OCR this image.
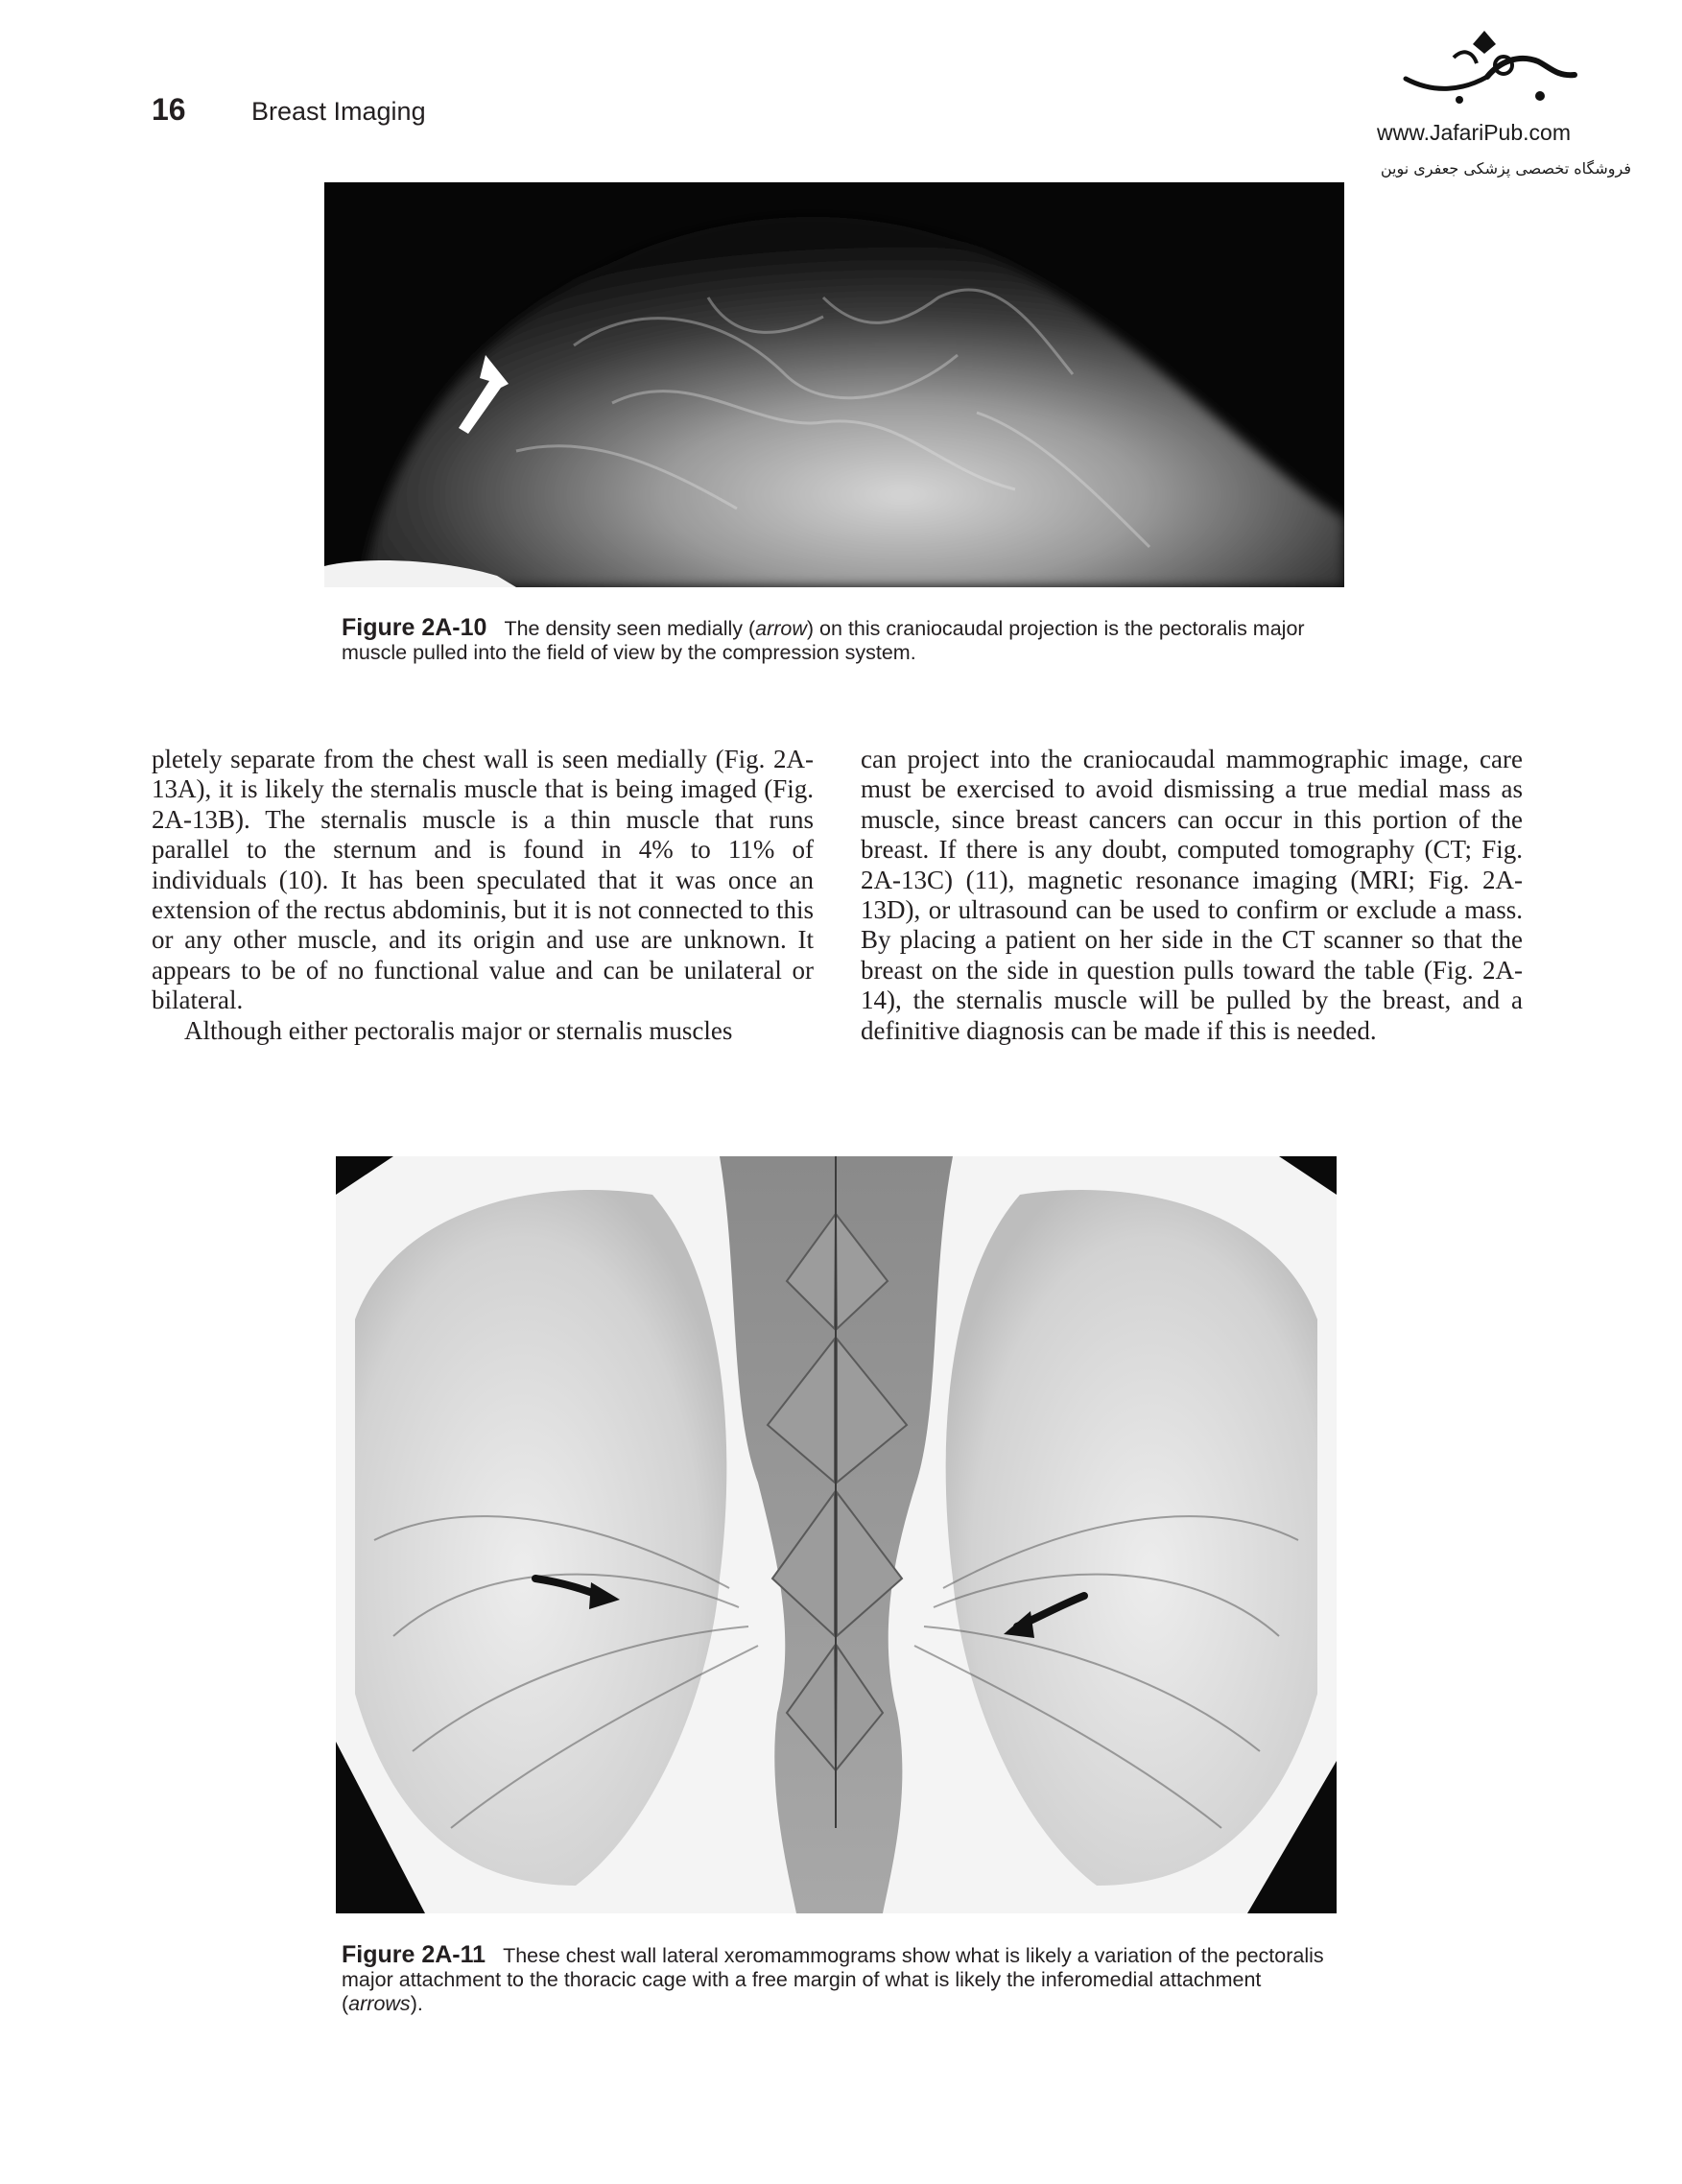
16	Breast Imaging
www.JafariPub.com
فروشگاه تخصصی پزشکی جعفری نوین
Figure 2A-10 The density seen medially (arrow) on this craniocaudal projection is the pectoralis major muscle pulled into the field of view by the compression system.

pletely separate from the chest wall is seen medially (Fig. 2A-13A), it is likely the sternalis muscle that is being imaged (Fig. 2A-13B). The sternalis muscle is a thin muscle that runs parallel to the sternum and is found in 4% to 11% of individuals (10). It has been speculated that it was once an extension of the rectus abdominis, but it is not connected to this or any other muscle, and its origin and use are unknown. It appears to be of no functional value and can be unilateral or bilateral.

Although either pectoralis major or sternalis muscles

can project into the craniocaudal mammographic image, care must be exercised to avoid dismissing a true medial mass as muscle, since breast cancers can occur in this portion of the breast. If there is any doubt, computed tomography (CT; Fig. 2A-13C) (11), magnetic resonance imaging (MRI; Fig. 2A-13D), or ultrasound can be used to confirm or exclude a mass. By placing a patient on her side in the CT scanner so that the breast on the side in question pulls toward the table (Fig. 2A-14), the sternalis muscle will be pulled by the breast, and a definitive diagnosis can be made if this is needed.

Figure 2A-11 These chest wall lateral xeromammograms show what is likely a variation of the pectoralis major attachment to the thoracic cage with a free margin of what is likely the inferomedial attachment (arrows).
